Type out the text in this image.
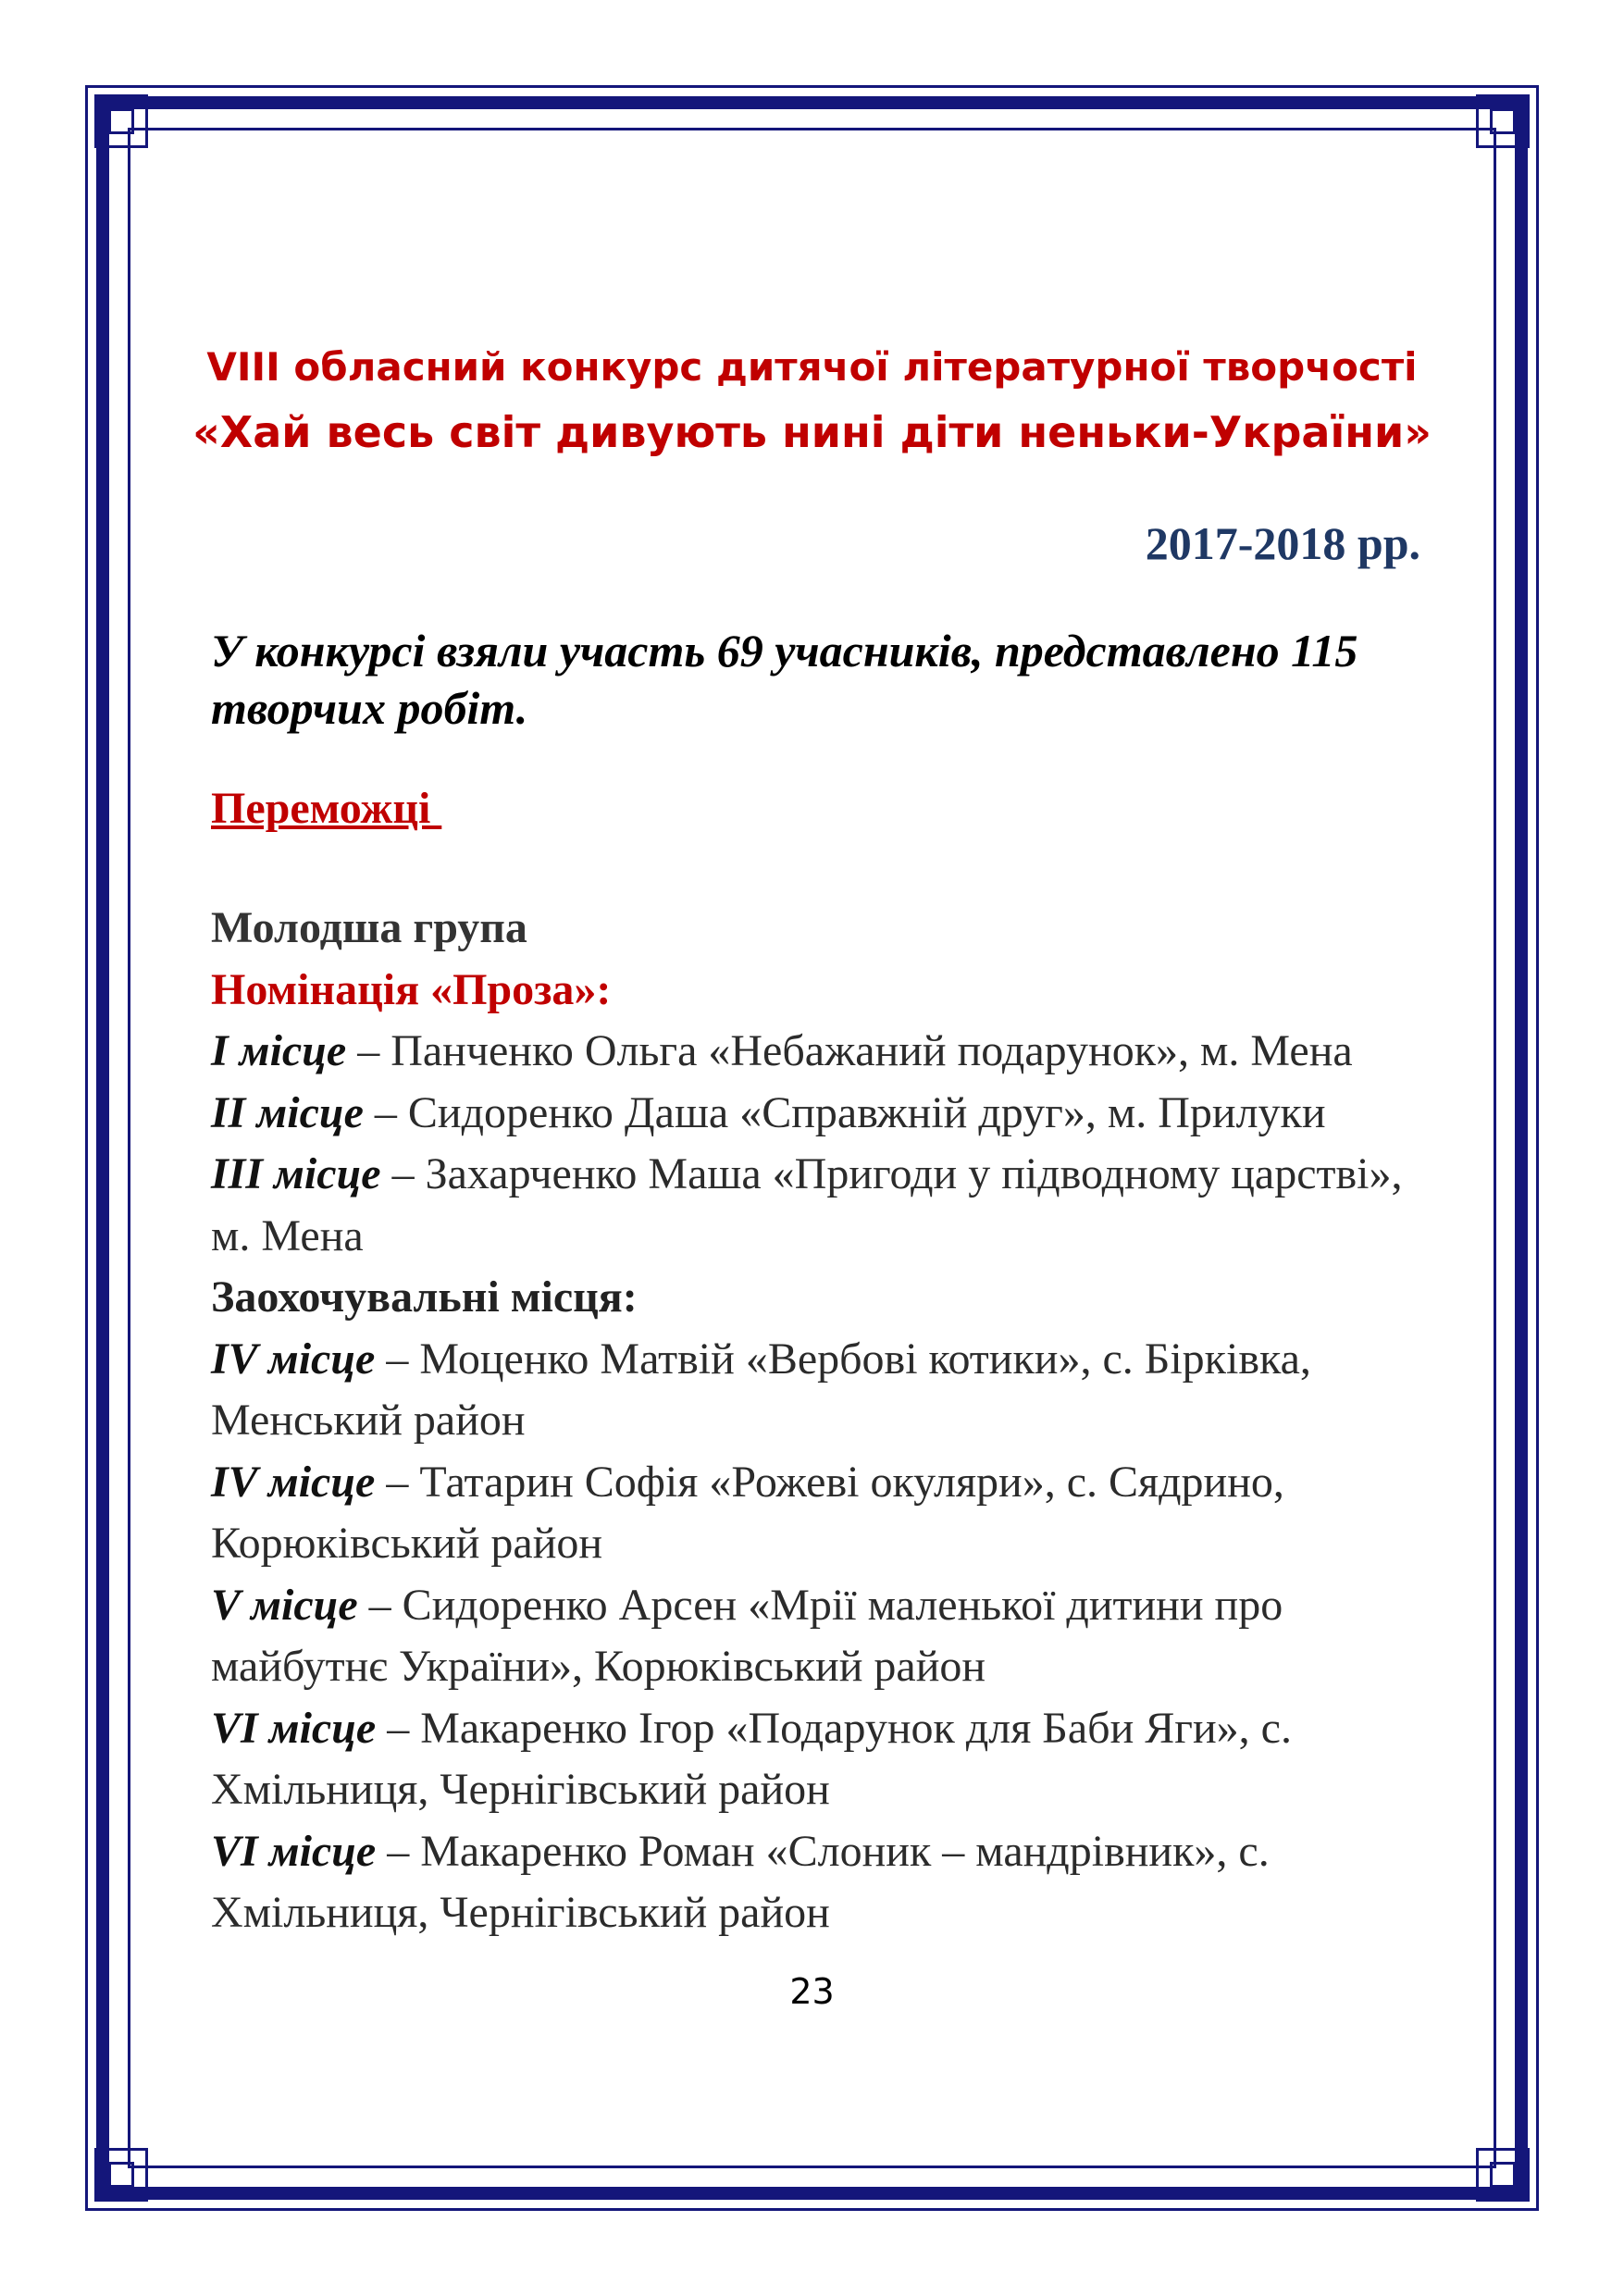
VIII обласний конкурс дитячої літературної творчості
«Хай весь світ дивують нині діти неньки-України»
2017-2018 рр.
У конкурсі взяли участь 69 учасників, представлено 115 творчих робіт.
Переможці
Молодша група
Номінація «Проза»:
I місце – Панченко Ольга «Небажаний подарунок», м. Мена
II місце – Сидоренко Даша «Справжній друг», м. Прилуки
III місце – Захарченко Маша «Пригоди у підводному царстві», м. Мена
Заохочувальні місця:
IV місце – Моценко Матвій «Вербові котики», с. Бірківка, Менський район
IV місце – Татарин Софія «Рожеві окуляри», с. Сядрино, Корюківський район
V місце – Сидоренко Арсен «Мрії маленької дитини про майбутнє України», Корюківський район
VI місце – Макаренко Ігор «Подарунок для Баби Яги», с. Хмільниця, Чернігівський район
VI місце – Макаренко Роман «Слоник – мандрівник», с. Хмільниця, Чернігівський район
23
